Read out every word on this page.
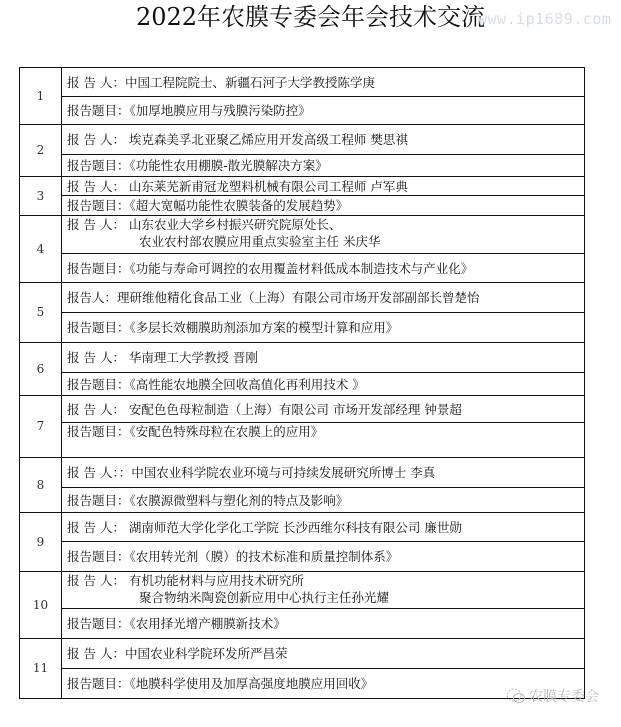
2022年农膜专委会年会技术交流
www.ip1689.com
1	报 告 人：中国工程院院士、新疆石河子大学教授陈学庚

	报告题目：《加厚地膜应用与残膜污染防控》
2	报 告 人： 埃克森美孚北亚聚乙烯应用开发高级工程师 樊思祺

	报告题目：《功能性农用棚膜-散光膜解决方案》
3	报 告 人： 山东莱芜新甫冠龙塑料机械有限公司工程师 卢军典

	报告题目：《超大宽幅功能性农膜装备的发展趋势》
4	报 告 人： 山东农业大学乡村振兴研究院原处长、
农业农村部农膜应用重点实验室主任 米庆华

	报告题目：《功能与寿命可调控的农用覆盖材料低成本制造技术与产业化》
5	报告人：理研维他精化食品工业（上海）有限公司市场开发部副部长曾楚怡

	报告题目：《多层长效棚膜助剂添加方案的模型计算和应用》
6	报 告 人： 华南理工大学教授 晋刚

	报告题目：《高性能农地膜全回收高值化再利用技术 》
7	报 告 人： 安配色色母粒制造（上海）有限公司 市场开发部经理 钟景超

	报告题目：《安配色特殊母粒在农膜上的应用》
8	报 告 人：：中国农业科学院农业环境与可持续发展研究所博士 李真

	报告题目：《农膜源微塑料与塑化剂的特点及影响》
9	报 告 人： 湖南师范大学化学化工学院 长沙西维尔科技有限公司 廉世勋

	报告题目：《农用转光剂（膜）的技术标准和质量控制体系》
10	报 告 人： 有机功能材料与应用技术研究所
聚合物纳米陶瓷创新应用中心执行主任孙光耀

	报告题目：《农用择光增产棚膜新技术》
11	报 告 人：中国农业科学院环发所严昌荣

	报告题目：《地膜科学使用及加厚高强度地膜应用回收》
农膜专委会
